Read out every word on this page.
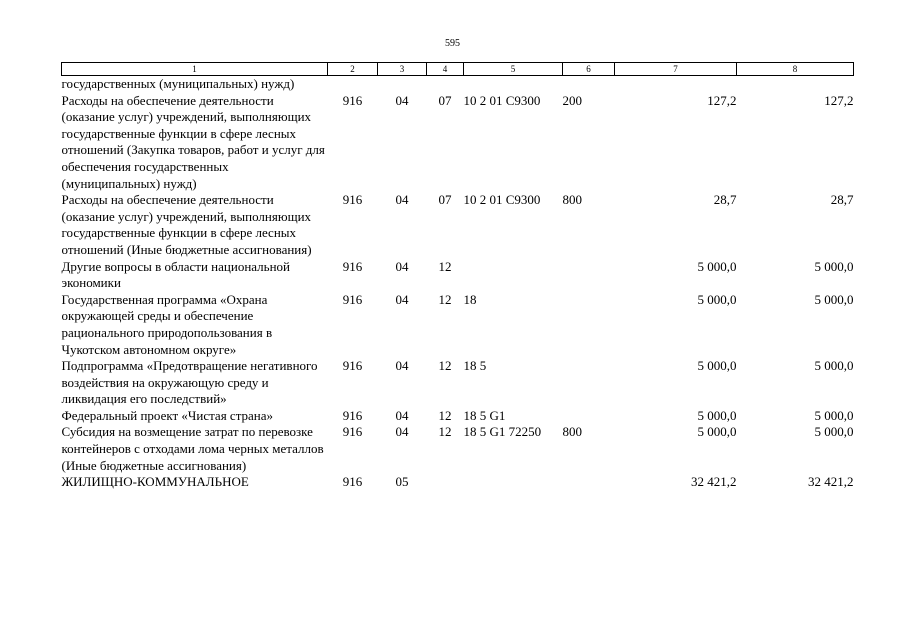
595
1	2	3	4	5	6	7	8
государственных (муниципальных) нужд)							
Расходы на обеспечение деятельности (оказание услуг) учреждений, выполняющих государственные функции в сфере лесных отношений (Закупка товаров, работ и услуг для обеспечения государственных (муниципальных) нужд)	916	04	07	10 2 01 С9300	200	127,2	127,2
Расходы на обеспечение деятельности (оказание услуг) учреждений, выполняющих государственные функции в сфере лесных отношений (Иные бюджетные ассигнования)	916	04	07	10 2 01 С9300	800	28,7	28,7
Другие вопросы в области национальной экономики	916	04	12			5 000,0	5 000,0
Государственная программа «Охрана окружающей среды и обеспечение рационального природопользования в Чукотском автономном округе»	916	04	12	18		5 000,0	5 000,0
Подпрограмма «Предотвращение негативного воздействия на окружающую среду и ликвидация его последствий»	916	04	12	18 5		5 000,0	5 000,0
Федеральный проект «Чистая страна»	916	04	12	18 5 G1		5 000,0	5 000,0
Субсидия на возмещение затрат по перевозке контейнеров с отходами лома черных металлов (Иные бюджетные ассигнования)	916	04	12	18 5 G1 72250	800	5 000,0	5 000,0
ЖИЛИЩНО-КОММУНАЛЬНОЕ	916	05				32 421,2	32 421,2
